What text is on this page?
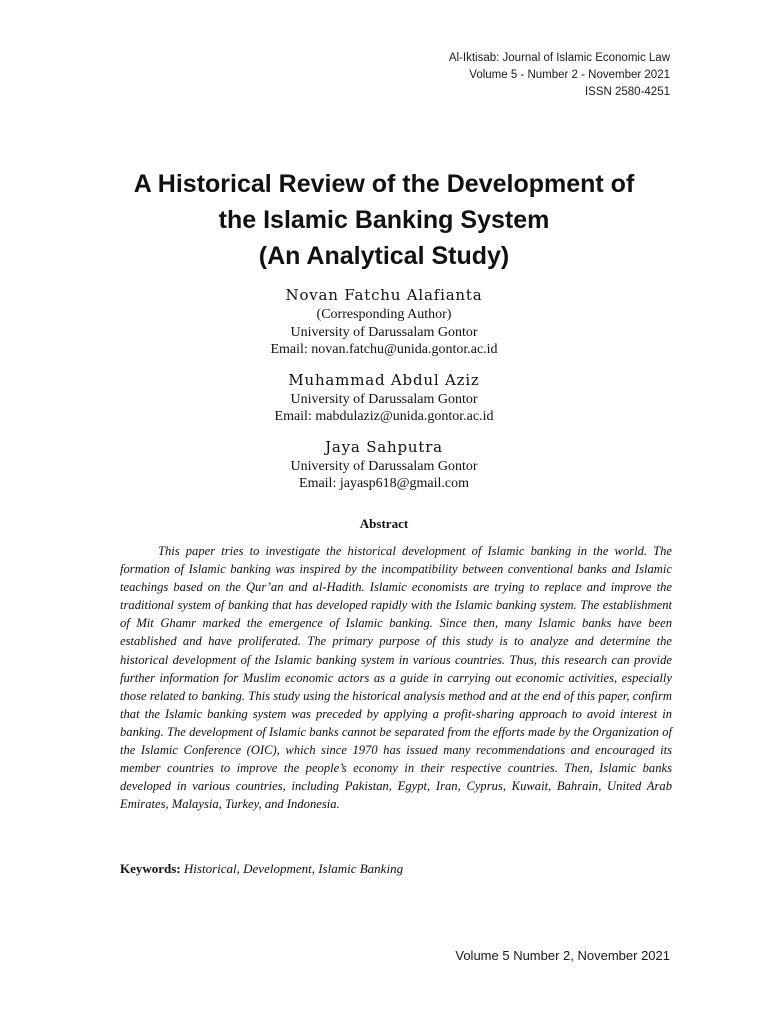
Al-Iktisab: Journal of Islamic Economic Law
Volume 5 - Number 2 - November 2021
ISSN 2580-4251
A Historical Review of the Development of
the Islamic Banking System
(An Analytical Study)
Novan Fatchu Alafianta
(Corresponding Author)
University of Darussalam Gontor
Email: novan.fatchu@unida.gontor.ac.id
Muhammad Abdul Aziz
University of Darussalam Gontor
Email: mabdulaziz@unida.gontor.ac.id
Jaya Sahputra
University of Darussalam Gontor
Email: jayasp618@gmail.com
Abstract

This paper tries to investigate the historical development of Islamic banking in the world. The formation of Islamic banking was inspired by the incompatibility between conventional banks and Islamic teachings based on the Qur’an and al-Hadith. Islamic economists are trying to replace and improve the traditional system of banking that has developed rapidly with the Islamic banking system. The establishment of Mit Ghamr marked the emergence of Islamic banking. Since then, many Islamic banks have been established and have proliferated. The primary purpose of this study is to analyze and determine the historical development of the Islamic banking system in various countries. Thus, this research can provide further information for Muslim economic actors as a guide in carrying out economic activities, especially those related to banking. This study using the historical analysis method and at the end of this paper, confirm that the Islamic banking system was preceded by applying a profit-sharing approach to avoid interest in banking. The development of Islamic banks cannot be separated from the efforts made by the Organization of the Islamic Conference (OIC), which since 1970 has issued many recommendations and encouraged its member countries to improve the people’s economy in their respective countries. Then, Islamic banks developed in various countries, including Pakistan, Egypt, Iran, Cyprus, Kuwait, Bahrain, United Arab Emirates, Malaysia, Turkey, and Indonesia.

Keywords: Historical, Development, Islamic Banking
Volume 5 Number 2, November 2021
